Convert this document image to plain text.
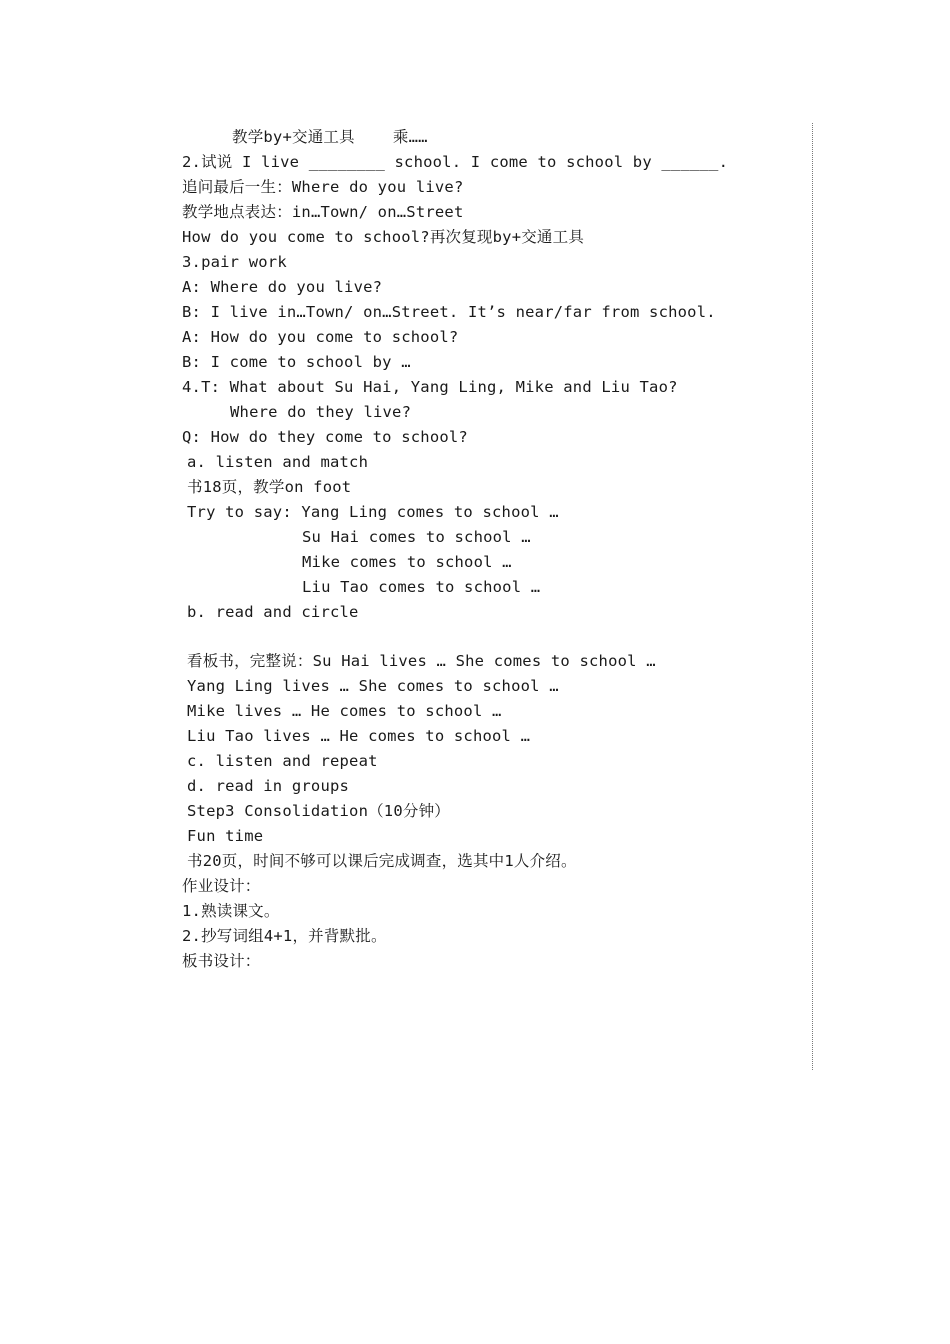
教学by+交通工具    乘……
2.试说 I live ________ school. I come to school by ______.
追问最后一生：Where do you live?
教学地点表达：in…Town/ on…Street
How do you come to school?再次复现by+交通工具
3.pair work
A: Where do you live?
B: I live in…Town/ on…Street. It’s near/far from school.
A: How do you come to school?
B: I come to school by …
4.T: What about Su Hai, Yang Ling, Mike and Liu Tao?
Where do they live?
Q: How do they come to school?
a. listen and match
书18页，教学on foot
Try to say: Yang Ling comes to school …
Su Hai comes to school …
Mike comes to school …
Liu Tao comes to school …
b. read and circle
看板书，完整说：Su Hai lives … She comes to school …
Yang Ling lives … She comes to school …
Mike lives … He comes to school …
Liu Tao lives … He comes to school …
c. listen and repeat
d. read in groups
Step3 Consolidation（10分钟）
Fun time
书20页，时间不够可以课后完成调查，选其中1人介绍。
作业设计：
1.熟读课文。
2.抄写词组4+1，并背默批。
板书设计：
